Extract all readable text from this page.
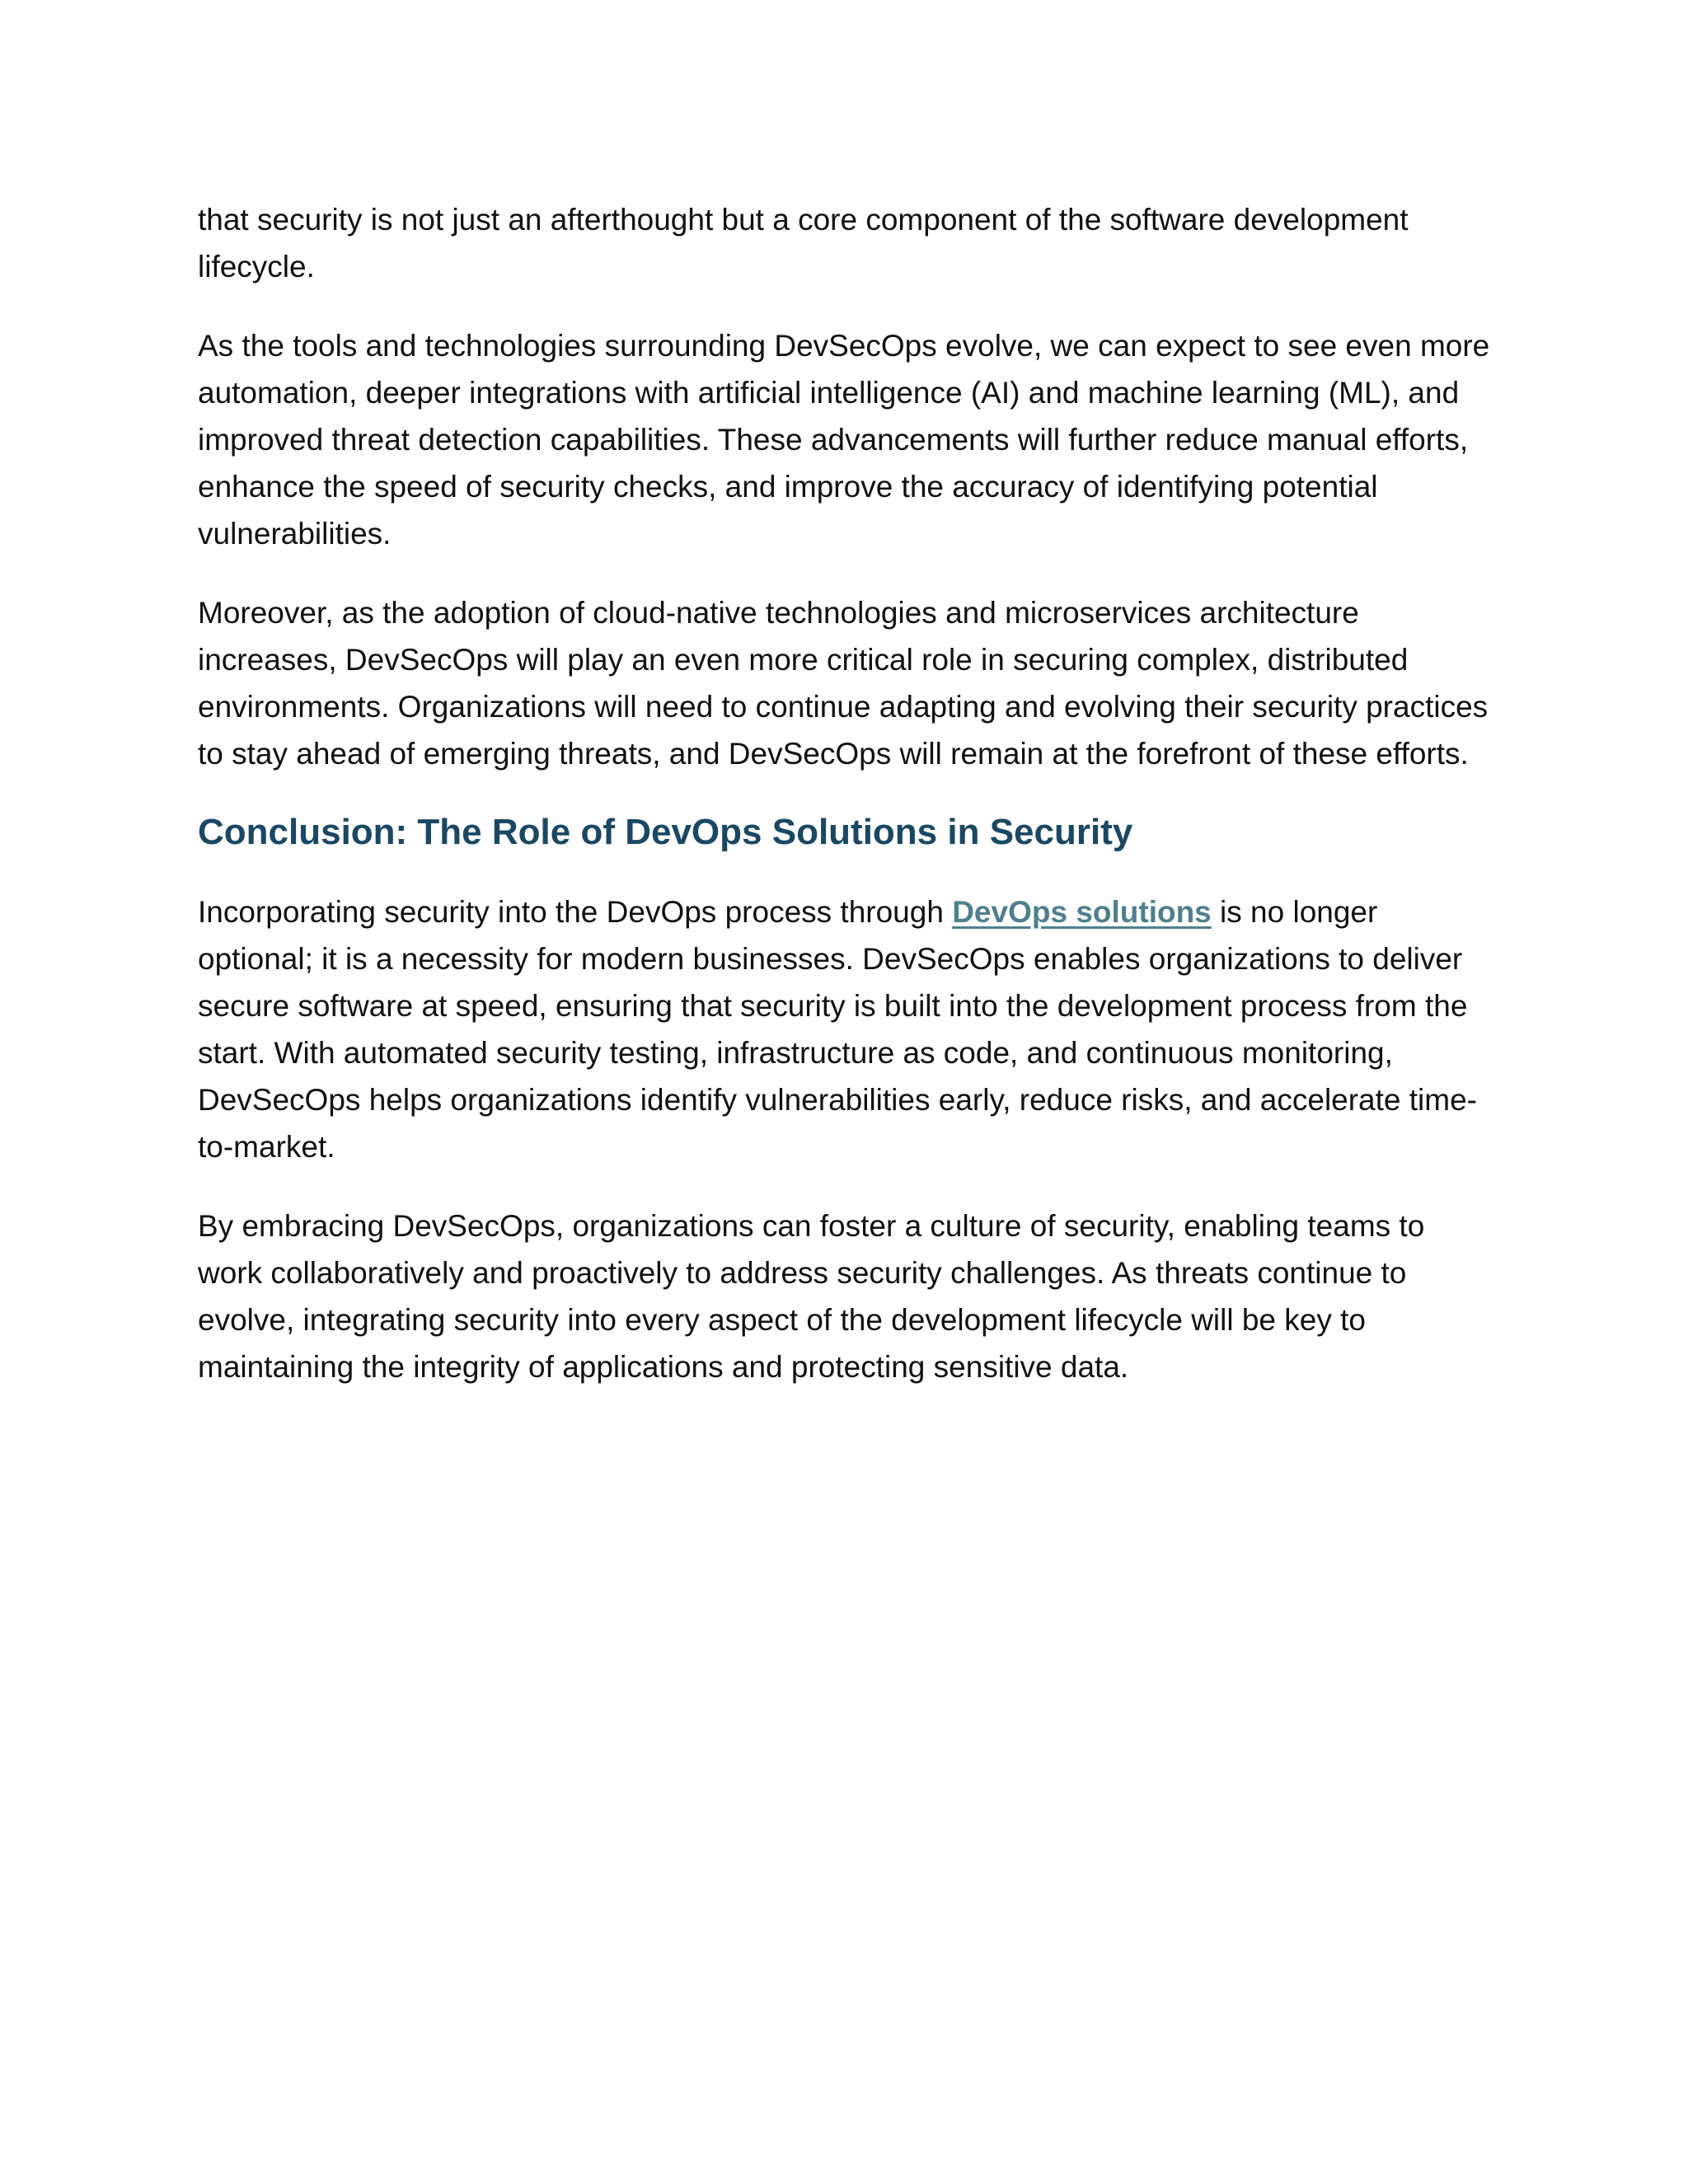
that security is not just an afterthought but a core component of the software development lifecycle.

As the tools and technologies surrounding DevSecOps evolve, we can expect to see even more automation, deeper integrations with artificial intelligence (AI) and machine learning (ML), and improved threat detection capabilities. These advancements will further reduce manual efforts, enhance the speed of security checks, and improve the accuracy of identifying potential vulnerabilities.

Moreover, as the adoption of cloud-native technologies and microservices architecture increases, DevSecOps will play an even more critical role in securing complex, distributed environments. Organizations will need to continue adapting and evolving their security practices to stay ahead of emerging threats, and DevSecOps will remain at the forefront of these efforts.

Conclusion: The Role of DevOps Solutions in Security

Incorporating security into the DevOps process through DevOps solutions is no longer optional; it is a necessity for modern businesses. DevSecOps enables organizations to deliver secure software at speed, ensuring that security is built into the development process from the start. With automated security testing, infrastructure as code, and continuous monitoring, DevSecOps helps organizations identify vulnerabilities early, reduce risks, and accelerate time-to-market.

By embracing DevSecOps, organizations can foster a culture of security, enabling teams to work collaboratively and proactively to address security challenges. As threats continue to evolve, integrating security into every aspect of the development lifecycle will be key to maintaining the integrity of applications and protecting sensitive data.
